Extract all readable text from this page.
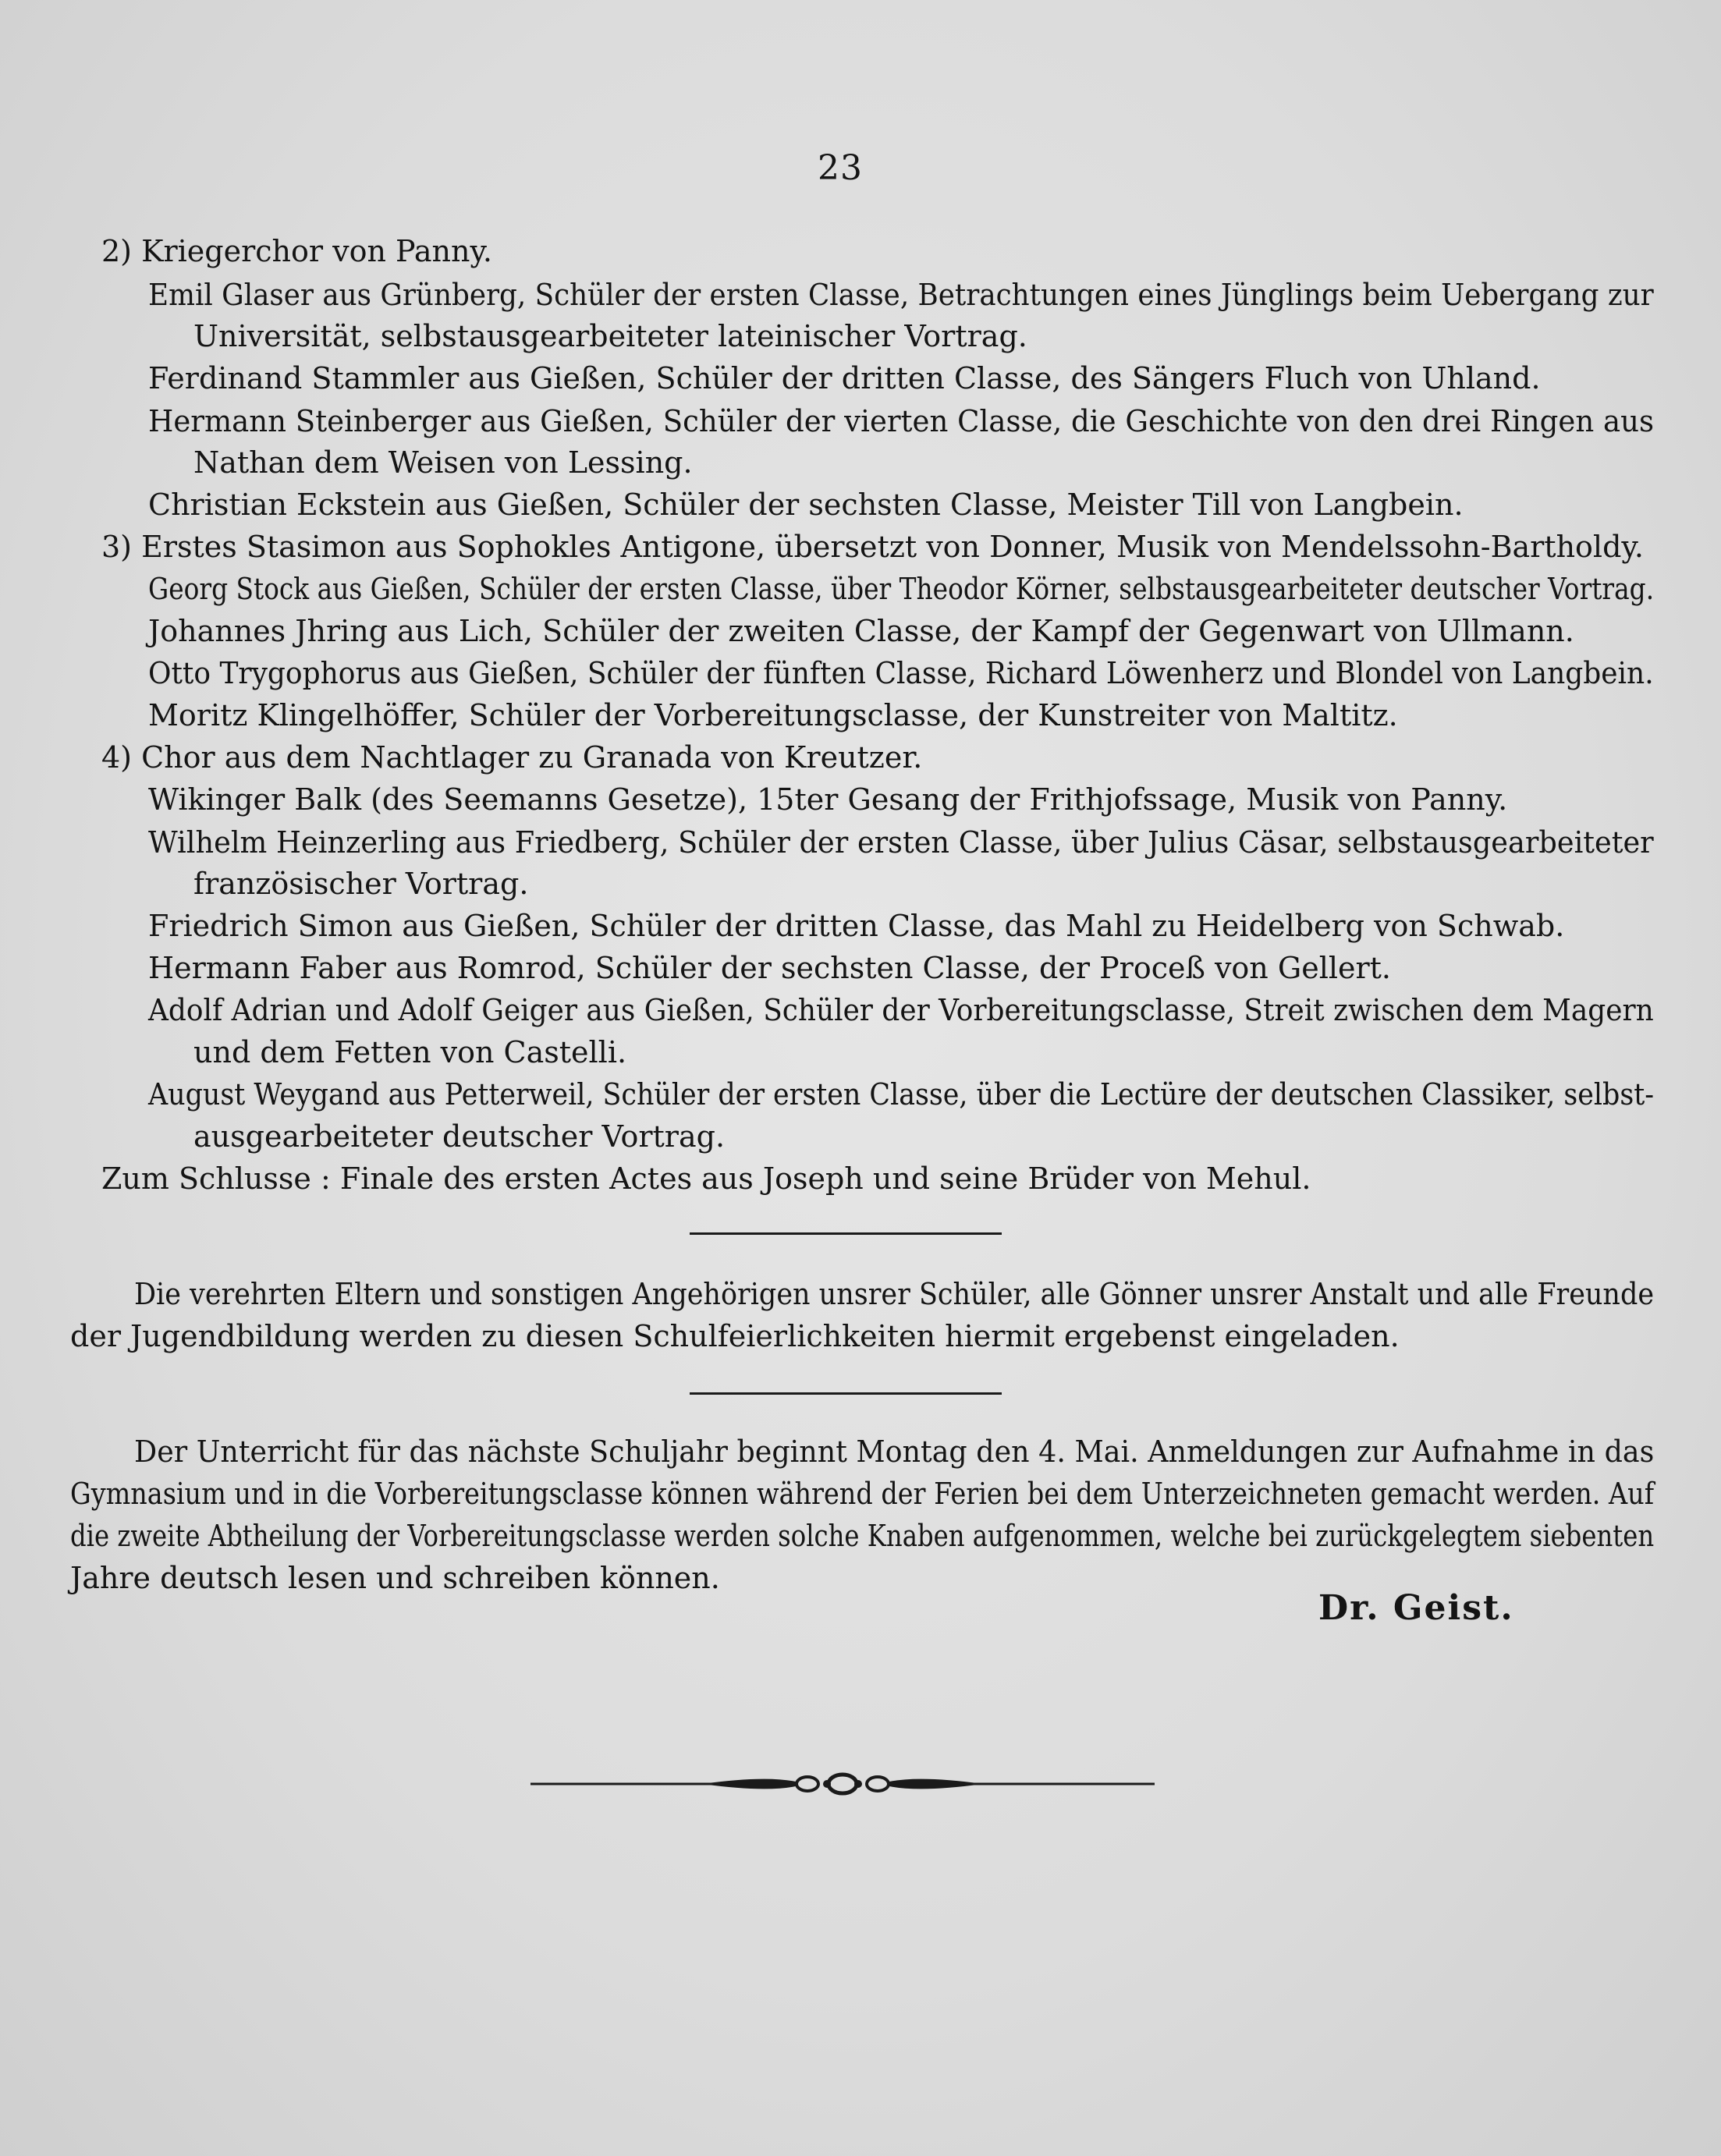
23
2) Kriegerchor von Panny.
Emil Glaser aus Grünberg, Schüler der ersten Classe, Betrachtungen eines Jünglings beim Uebergang zur
Universität, selbstausgearbeiteter lateinischer Vortrag.
Ferdinand Stammler aus Gießen, Schüler der dritten Classe, des Sängers Fluch von Uhland.
Hermann Steinberger aus Gießen, Schüler der vierten Classe, die Geschichte von den drei Ringen aus
Nathan dem Weisen von Lessing.
Christian Eckstein aus Gießen, Schüler der sechsten Classe, Meister Till von Langbein.
3) Erstes Stasimon aus Sophokles Antigone, übersetzt von Donner, Musik von Mendelssohn-Bartholdy.
Georg Stock aus Gießen, Schüler der ersten Classe, über Theodor Körner, selbstausgearbeiteter deutscher Vortrag.
Johannes Jhring aus Lich, Schüler der zweiten Classe, der Kampf der Gegenwart von Ullmann.
Otto Trygophorus aus Gießen, Schüler der fünften Classe, Richard Löwenherz und Blondel von Langbein.
Moritz Klingelhöffer, Schüler der Vorbereitungsclasse, der Kunstreiter von Maltitz.
4) Chor aus dem Nachtlager zu Granada von Kreutzer.
Wikinger Balk (des Seemanns Gesetze), 15ter Gesang der Frithjofssage, Musik von Panny.
Wilhelm Heinzerling aus Friedberg, Schüler der ersten Classe, über Julius Cäsar, selbstausgearbeiteter
französischer Vortrag.
Friedrich Simon aus Gießen, Schüler der dritten Classe, das Mahl zu Heidelberg von Schwab.
Hermann Faber aus Romrod, Schüler der sechsten Classe, der Proceß von Gellert.
Adolf Adrian und Adolf Geiger aus Gießen, Schüler der Vorbereitungsclasse, Streit zwischen dem Magern
und dem Fetten von Castelli.
August Weygand aus Petterweil, Schüler der ersten Classe, über die Lectüre der deutschen Classiker, selbst-
ausgearbeiteter deutscher Vortrag.
Zum Schlusse : Finale des ersten Actes aus Joseph und seine Brüder von Mehul.
Die verehrten Eltern und sonstigen Angehörigen unsrer Schüler, alle Gönner unsrer Anstalt und alle Freunde
der Jugendbildung werden zu diesen Schulfeierlichkeiten hiermit ergebenst eingeladen.
Der Unterricht für das nächste Schuljahr beginnt Montag den 4. Mai. Anmeldungen zur Aufnahme in das
Gymnasium und in die Vorbereitungsclasse können während der Ferien bei dem Unterzeichneten gemacht werden. Auf
die zweite Abtheilung der Vorbereitungsclasse werden solche Knaben aufgenommen, welche bei zurückgelegtem siebenten
Jahre deutsch lesen und schreiben können.
Dr. Geist.
